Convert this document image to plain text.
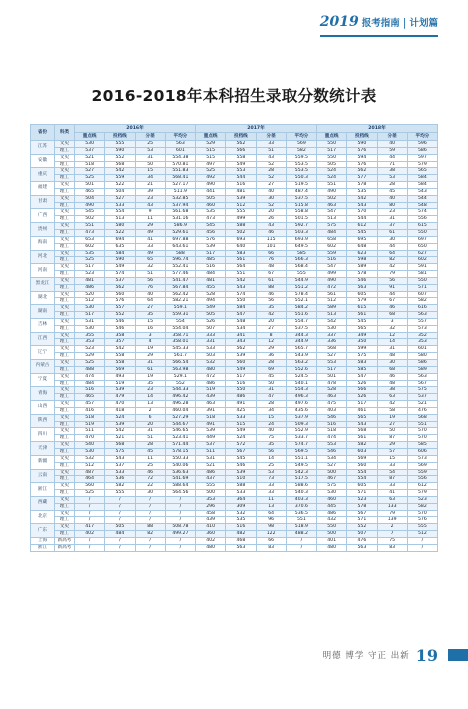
2019 报考指南 | 计划篇
2016-2018年本科招生录取分数统计表
省份	科类	2016年				2017年				2018年			
		重点线	投档线	分差	平均分	重点线	投档线	分差	平均分	重点线	投档线	分差	平均分
江苏	文史	530	555	25	563	529	562	33	569	550	590	40	596
	理工	537	590	53	601	515	566	51	582	517	576	59	586
安徽	文史	521	552	31	554.38	515	558	43	559.5	550	594	44	597
	理工	518	568	50	570.81	497	549	52	553.5	505	576	71	579
重庆	文史	527	542	15	551.83	525	553	28	553.5	524	562	38	565
	理工	525	559	34	568.41	492	544	52	550.3	524	577	53	584
福建	文史	501	522	21	527.17	490	516	27	519.5	551	578	28	584
	理工	465	504	39	511.9	441	481	40	487.4	490	535	45	543
甘肃	文史	504	527	23	532.85	505	539	30	537.5	502	542	40	544
	理工	490	533	43	537.94	460	512	52	515.8	463	543	80	548
广西	文史	545	554	9	561.68	535	555	20	558.8	547	570	23	574
	理工	502	513	11	531.16	473	499	26	501.5	513	544	31	556
贵州	文史	551	580	29	586.9	545	588	43	592.7	575	612	37	615
	理工	473	522	49	529.61	456	502	46	503.3	484	545	61	550
海南	文史	653	694	41	697.88	576	693	115	693.9	658	695	30	697
	理工	602	635	33	643.61	539	640	101	649.5	602	648	44	650
河北	文史	535	584	49	588	517	583	66	585	559	623	64	627
	理工	525	590	65	596.74	485	561	76	566.3	516	598	82	602
河南	文史	517	549	32	552.41	516	564	48	568.4	547	589	42	591
	理工	523	574	51	577.46	484	551	67	555	499	578	79	581
黑龙江	文史	481	537	56	541.47	481	542	61	544.9	490	546	56	550
	理工	486	562	76	567.84	455	543	88	551.2	472	563	91	571
湖北	文史	520	560	40	562.42	528	574	46	578.4	561	605	44	607
	理工	512	576	64	582.21	494	550	56	552.1	512	579	67	582
湖南	文史	530	557	27	559.1	549	584	35	584.2	589	615	46	616
	理工	517	552	35	559.31	505	547	42	551.6	513	561	68	563
吉林	文史	531	546	15	554	526	548	20	554.7	542	545	3	557
	理工	530	546	16	554.04	507	534	27	537.5	530	565	32	573
江西	文史	355	358	3	358.71	333	341	8	344.3	337	349	12	352
	理工	353	357	4	358.01	331	343	12	344.9	336	350	14	353
辽宁	文史	523	542	19	545.33	533	562	29	565.7	568	599	31	601
	理工	529	558	29	561.7	503	539	36	543.9	527	575	48	580
内蒙古	文史	525	558	31	566.54	532	560	28	563.2	553	583	30	586
	理工	488	569	61	563.98	480	549	69	552.6	517	585	68	589
宁夏	文史	474	493	19	529.1	472	517	45	524.5	501	547	46	563
	理工	484	519	35	552	486	516	50	540.1	478	526	48	567
青海	文史	516	539	23	544.33	519	550	31	554.3	528	566	38	575
	理工	465	479	14	496.42	439	486	47	496.3	463	526	63	537
山西	文史	457	470	13	496.28	463	491	28	497.6	475	517	42	521
	理工	416	418	2	460.04	391	425	34	435.6	403	461	58	476
陕西	文史	518	524	6	527.29	518	533	15	537.9	546	565	19	568
	理工	519	539	20	544.67	491	515	24	509.3	516	543	27	551
四川	文史	511	542	31	546.65	539	549	40	552.9	518	568	50	570
	理工	470	521	51	523.41	449	524	75	533.7	474	561	87	570
天津	文史	540	568	28	571.44	537	572	35	574.7	553	582	29	585
	理工	530	575	45	578.15	511	567	56	569.5	546	603	57	606
新疆	文史	532	543	11	550.33	531	545	14	551.1	534	569	15	573
	理工	512	537	25	540.06	521	546	25	549.5	527	560	33	569
云南	文史	487	533	46	536.63	486	539	53	542.3	500	554	54	559
	理工	464	536	72	541.69	437	510	73	517.5	467	554	87	556
浙江	文史	560	582	22	588.64	555	588	33	588.6	575	605	33	612
	理工	525	555	30	564.56	500	533	33	540.3	530	571	41	579
西藏	文史	/	/	/	/	353	364	11	403.3	460	523	63	523
	理工	/	/	/	/	296	309	13	370.6	445	578	133	582
北京	文史	/	/	/	/	458	532	64	536.5	486	567	79	570
	理工	/	/	/	/	439	535	96	551	432	571	139	576
广东	文史	417	505	88	508.78	410	516	98	518.9	550	552	2	555
	理工	402	484	82	499.27	360	482	122	488.2	500	507	7	512
上海	新高考	/	/	/	/	402	468	66	/	401	476	75	/
浙江	新高考	/	/	/	/	480	563	83	/	480	563	83	/
明德 博学 守正 出新 19
